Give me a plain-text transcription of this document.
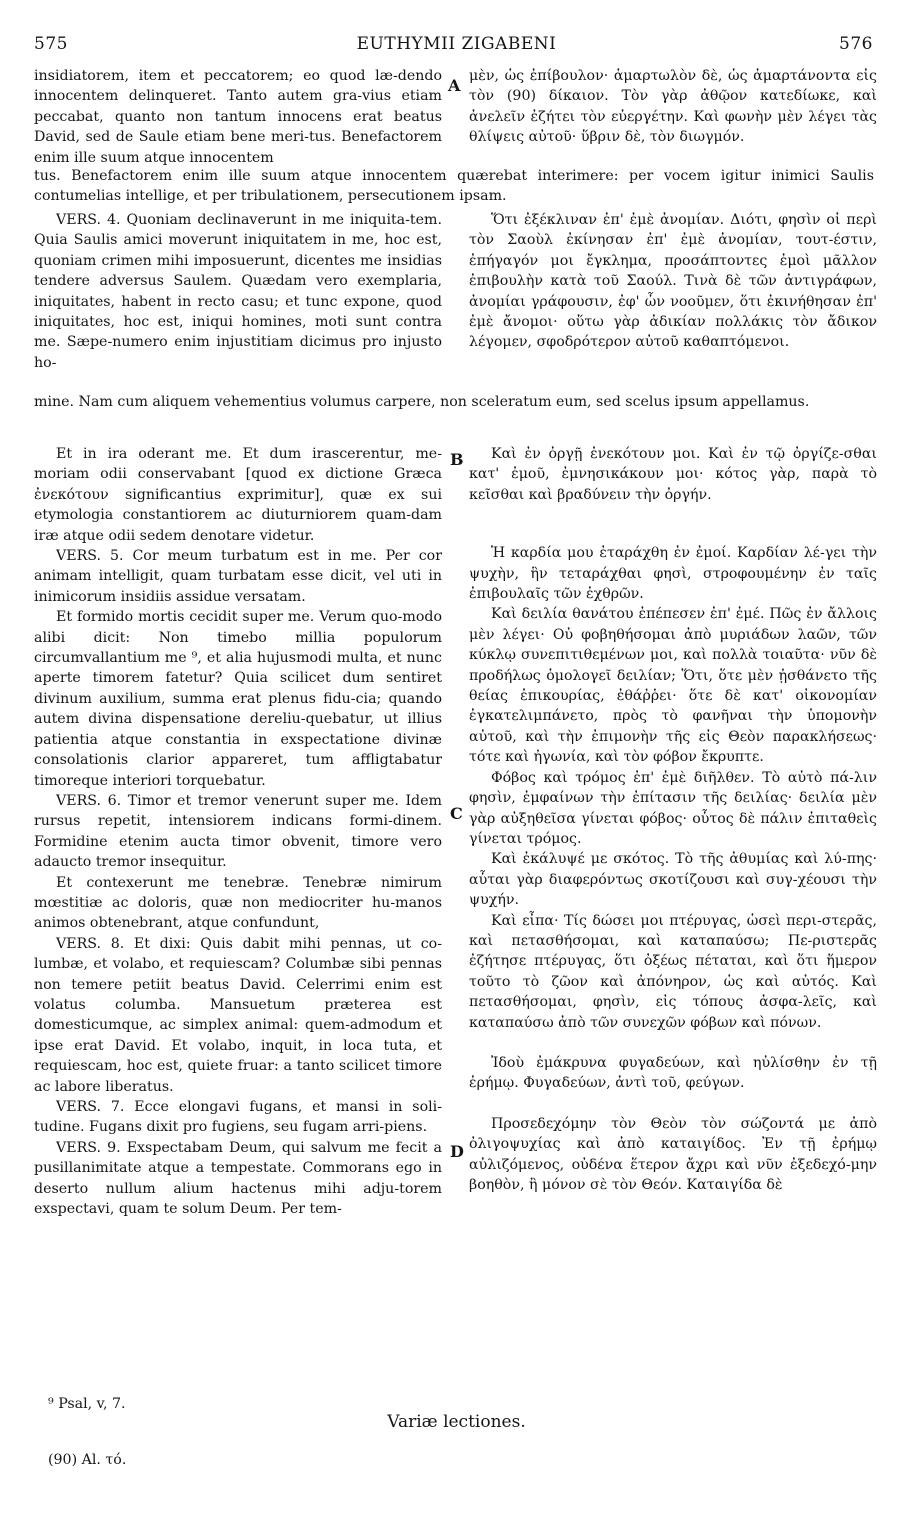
575	EUTHYMII ZIGABENI	576

insidiatorem, item et peccatorem; eo quod læ-dendo innocentem delinqueret. Tanto autem gra-vius etiam peccabat, quanto non tantum innocens erat beatus David, sed de Saule etiam bene meri-tus. Benefactorem enim ille suum atque innocentem

μὲν, ὡς ἐπίβουλον· ἁμαρτωλὸν δὲ, ὡς ἁμαρτάνοντα εἰς τὸν (90) δίκαιον. Τὸν γὰρ ἀθῷον κατεδίωκε, καὶ ἀνελεῖν ἐζήτει τὸν εὐεργέτην. Καὶ φωνὴν μὲν λέγει τὰς θλίψεις αὐτοῦ· ὕβριν δὲ, τὸν διωγμόν.

tus. Benefactorem enim ille suum atque innocentem quærebat interimere: per vocem igitur inimici Saulis contumelias intellige, et per tribulationem, persecutionem ipsam.

VERS. 4. Quoniam declinaverunt in me iniquita-tem. Quia Saulis amici moverunt iniquitatem in me, hoc est, quoniam crimen mihi imposuerunt, dicentes me insidias tendere adversus Saulem. Quædam vero exemplaria, iniquitates, habent in recto casu; et tunc expone, quod iniquitates, hoc est, iniqui homines, moti sunt contra me. Sæpe-numero enim injustitiam dicimus pro injusto ho-

Ὅτι ἐξέκλιναν ἐπ' ἐμὲ ἀνομίαν. Διότι, φησὶν οἱ περὶ τὸν Σαοὺλ ἐκίνησαν ἐπ' ἐμὲ ἀνομίαν, τουτ-έστιν, ἐπήγαγόν μοι ἔγκλημα, προσάπτοντες ἐμοὶ μᾶλλον ἐπιβουλὴν κατὰ τοῦ Σαούλ. Τινὰ δὲ τῶν ἀντιγράφων, ἀνομίαι γράφουσιν, ἐφ' ὧν νοοῦμεν, ὅτι ἐκινήθησαν ἐπ' ἐμὲ ἄνομοι· οὕτω γὰρ ἀδικίαν πολλάκις τὸν ἄδικον λέγομεν, σφοδρότερον αὐτοῦ καθαπτόμενοι.

mine. Nam cum aliquem vehementius volumus carpere, non sceleratum eum, sed scelus ipsum appellamus.

Et in ira oderant me. Et dum irascerentur, me-moriam odii conservabant [quod ex dictione Græca ἐνεκότουν significantius exprimitur], quæ ex sui etymologia constantiorem ac diuturniorem quam-dam iræ atque odii sedem denotare videtur.

VERS. 5. Cor meum turbatum est in me. Per cor animam intelligit, quam turbatam esse dicit, vel uti in inimicorum insidiis assidue versatam.

Et formido mortis cecidit super me. Verum quo-modo alibi dicit: Non timebo millia populorum circumvallantium me ⁹, et alia hujusmodi multa, et nunc aperte timorem fatetur? Quia scilicet dum sentiret divinum auxilium, summa erat plenus fidu-cia; quando autem divina dispensatione dereliu-quebatur, ut illius patientia atque constantia in exspectatione divinæ consolationis clarior appareret, tum affligtabatur timoreque interiori torquebatur.

VERS. 6. Timor et tremor venerunt super me. Idem rursus repetit, intensiorem indicans formi-dinem. Formidine etenim aucta timor obvenit, timore vero adaucto tremor insequitur.

Et contexerunt me tenebræ. Tenebræ nimirum mœstitiæ ac doloris, quæ non mediocriter hu-manos animos obtenebrant, atque confundunt,

VERS. 8. Et dixi: Quis dabit mihi pennas, ut co-lumbæ, et volabo, et requiescam? Columbæ sibi pennas non temere petiit beatus David. Celerrimi enim est volatus columba. Mansuetum præterea est domesticumque, ac simplex animal: quem-admodum et ipse erat David. Et volabo, inquit, in loca tuta, et requiescam, hoc est, quiete fruar: a tanto scilicet timore ac labore liberatus.

VERS. 7. Ecce elongavi fugans, et mansi in soli-tudine. Fugans dixit pro fugiens, seu fugam arri-piens.

VERS. 9. Exspectabam Deum, qui salvum me fecit a pusillanimitate atque a tempestate. Commorans ego in deserto nullum alium hactenus mihi adju-torem exspectavi, quam te solum Deum. Per tem-

Καὶ ἐν ὀργῇ ἐνεκότουν μοι. Καὶ ἐν τῷ ὀργίζε-σθαι κατ' ἐμοῦ, ἐμνησικάκουν μοι· κότος γὰρ, παρὰ τὸ κεῖσθαι καὶ βραδύνειν τὴν ὀργήν.

Ἡ καρδία μου ἐταράχθη ἐν ἐμοί. Καρδίαν λέ-γει τὴν ψυχὴν, ἣν τεταράχθαι φησὶ, στροφουμένην ἐν ταῖς ἐπιβουλαῖς τῶν ἐχθρῶν.

Καὶ δειλία θανάτου ἐπέπεσεν ἐπ' ἐμέ. Πῶς ἐν ἄλλοις μὲν λέγει· Οὐ φοβηθήσομαι ἀπὸ μυριάδων λαῶν, τῶν κύκλῳ συνεπιτιθεμένων μοι, καὶ πολλὰ τοιαῦτα· νῦν δὲ προδήλως ὁμολογεῖ δειλίαν; Ὅτι, ὅτε μὲν ᾐσθάνετο τῆς θείας ἐπικουρίας, ἐθάῤῥει· ὅτε δὲ κατ' οἰκονομίαν ἐγκατελιμπάνετο, πρὸς τὸ φανῆναι τὴν ὑπομονὴν αὐτοῦ, καὶ τὴν ἐπιμονὴν τῆς εἰς Θεὸν παρακλήσεως· τότε καὶ ἠγωνία, καὶ τὸν φόβον ἔκρυπτε.

Φόβος καὶ τρόμος ἐπ' ἐμὲ διῆλθεν. Τὸ αὐτὸ πά-λιν φησὶν, ἐμφαίνων τὴν ἐπίτασιν τῆς δειλίας· δειλία μὲν γὰρ αὐξηθεῖσα γίνεται φόβος· οὗτος δὲ πάλιν ἐπιταθεὶς γίνεται τρόμος.

Καὶ ἐκάλυψέ με σκότος. Τὸ τῆς ἀθυμίας καὶ λύ-πης· αὗται γὰρ διαφερόντως σκοτίζουσι καὶ συγ-χέουσι τὴν ψυχήν.

Καὶ εἶπα· Τίς δώσει μοι πτέρυγας, ὡσεὶ περι-στερᾶς, καὶ πετασθήσομαι, καὶ καταπαύσω; Πε-ριστερᾶς ἐζήτησε πτέρυγας, ὅτι ὀξέως πέταται, καὶ ὅτι ἥμερον τοῦτο τὸ ζῶον καὶ ἀπόνηρον, ὡς καὶ αὐτός. Καὶ πετασθήσομαι, φησὶν, εἰς τόπους ἀσφα-λεῖς, καὶ καταπαύσω ἀπὸ τῶν συνεχῶν φόβων καὶ πόνων.

Ἰδοὺ ἐμάκρυνα φυγαδεύων, καὶ ηὐλίσθην ἐν τῇ ἐρήμῳ. Φυγαδεύων, ἀντὶ τοῦ, φεύγων.

Προσεδεχόμην τὸν Θεὸν τὸν σώζοντά με ἀπὸ ὀλιγοψυχίας καὶ ἀπὸ καταιγίδος. Ἐν τῇ ἐρήμῳ αὐλιζόμενος, οὐδένα ἕτερον ἄχρι καὶ νῦν ἐξεδεχό-μην βοηθὸν, ἢ μόνον σὲ τὸν Θεόν. Καταιγίδα δὲ

A
B
C
D
⁹ Psal, v, 7.
Variæ lectiones.
(90) Al. τό.
